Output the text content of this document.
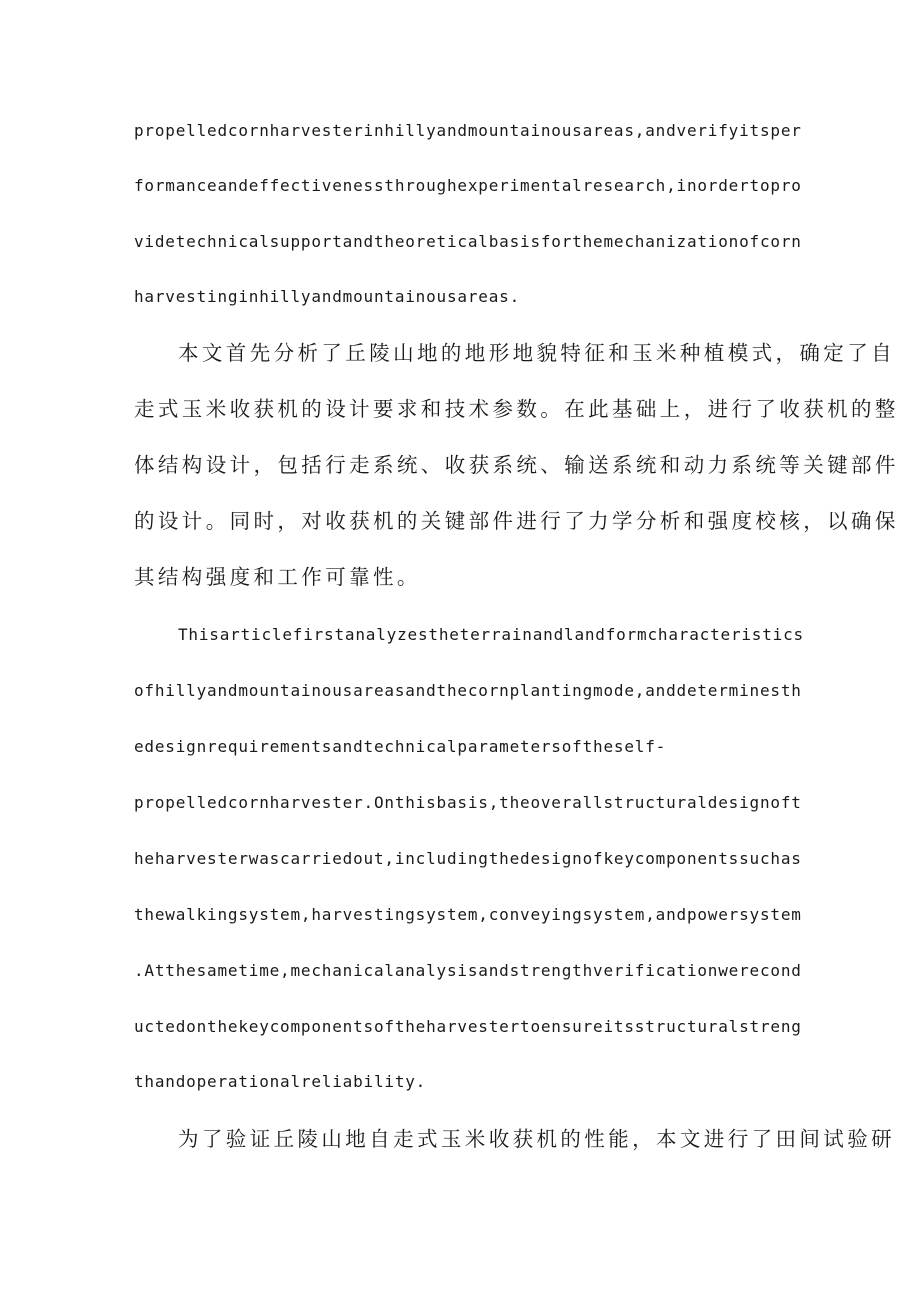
propelledcornharvesterinhillyandmountainousareas,andverifyitsper
formanceandeffectivenessthroughexperimentalresearch,inordertopro
videtechnicalsupportandtheoreticalbasisforthemechanizationofcorn
harvestinginhillyandmountainousareas.
本文首先分析了丘陵山地的地形地貌特征和玉米种植模式，确定了自
走式玉米收获机的设计要求和技术参数。在此基础上，进行了收获机的整
体结构设计，包括行走系统、收获系统、输送系统和动力系统等关键部件
的设计。同时，对收获机的关键部件进行了力学分析和强度校核，以确保
其结构强度和工作可靠性。
Thisarticlefirstanalyzestheterrainandlandformcharacteristics
ofhillyandmountainousareasandthecornplantingmode,anddeterminesth
edesignrequirementsandtechnicalparametersoftheself-
propelledcornharvester.Onthisbasis,theoverallstructuraldesignoft
heharvesterwascarriedout,includingthedesignofkeycomponentssuchas
thewalkingsystem,harvestingsystem,conveyingsystem,andpowersystem
.Atthesametime,mechanicalanalysisandstrengthverificationwerecond
uctedonthekeycomponentsoftheharvestertoensureitsstructuralstreng
thandoperationalreliability.
为了验证丘陵山地自走式玉米收获机的性能，本文进行了田间试验研
